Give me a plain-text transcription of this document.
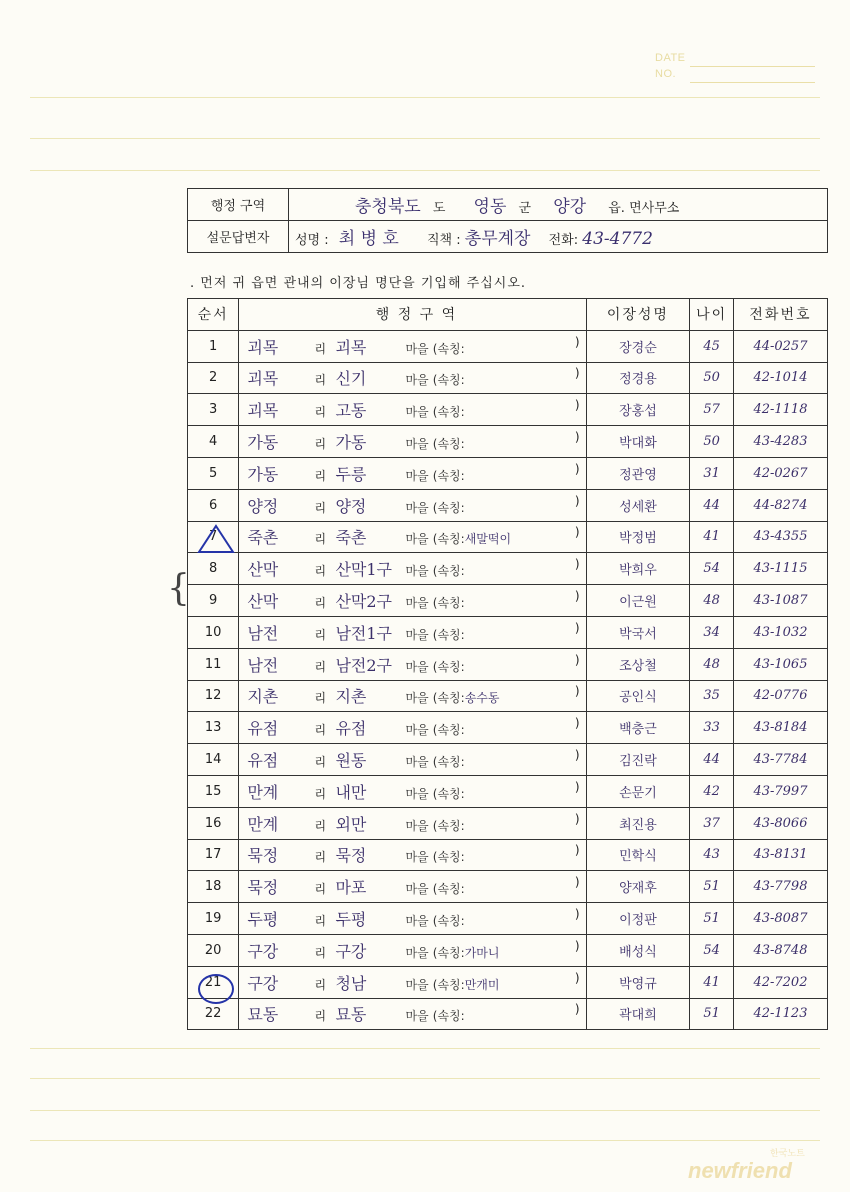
DATE
NO.
행정 구역	충청북도 도 영동 군 양강 읍. 면사무소
설문답변자	성명 : 최 병 호 직책 : 총무계장 전화: 43-4772
. 먼저 귀 읍면 관내의 이장님 명단을 기입해 주십시오.
순서	행 정 구 역	이장성명	나이	전화번호
1	괴목 리 괴목 마을 (속칭: )	장경순	45	44-0257
2	괴목 리 신기 마을 (속칭: )	정경용	50	42-1014
3	괴목 리 고동 마을 (속칭: )	장홍섭	57	42-1118
4	가동 리 가동 마을 (속칭: )	박대화	50	43-4283
5	가동 리 두릉 마을 (속칭: )	정관영	31	42-0267
6	양정 리 양정 마을 (속칭: )	성세환	44	44-8274
7	죽촌 리 죽촌 마을 (속칭:새말떡이 )	박정범	41	43-4355
8	산막 리 산막1구 마을 (속칭: )	박희우	54	43-1115
9	산막 리 산막2구 마을 (속칭: )	이근원	48	43-1087
10	남전 리 남전1구 마을 (속칭: )	박국서	34	43-1032
11	남전 리 남전2구 마을 (속칭: )	조상철	48	43-1065
12	지촌 리 지촌 마을 (속칭:송수동 )	공인식	35	42-0776
13	유점 리 유점 마을 (속칭: )	백충근	33	43-8184
14	유점 리 원동 마을 (속칭: )	김진락	44	43-7784
15	만계 리 내만 마을 (속칭: )	손문기	42	43-7997
16	만계 리 외만 마을 (속칭: )	최진용	37	43-8066
17	묵정 리 묵정 마을 (속칭: )	민학식	43	43-8131
18	묵정 리 마포 마을 (속칭: )	양재후	51	43-7798
19	두평 리 두평 마을 (속칭: )	이정판	51	43-8087
20	구강 리 구강 마을 (속칭:가마니 )	배성식	54	43-8748
21	구강 리 청남 마을 (속칭:만개미 )	박영규	41	42-7202
22	묘동 리 묘동 마을 (속칭: )	곽대희	51	42-1123
{
한국노트
newfriend
